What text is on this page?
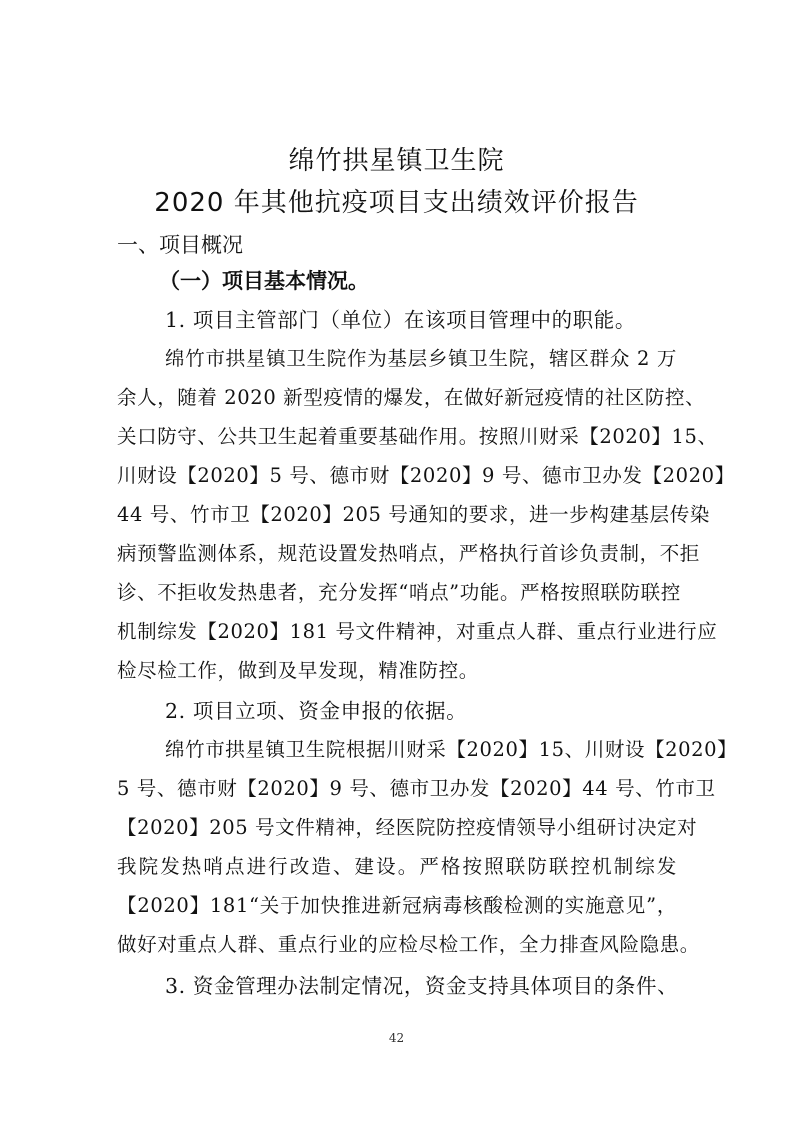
绵竹拱星镇卫生院
2020 年其他抗疫项目支出绩效评价报告
一、项目概况
（一）项目基本情况。
1. 项目主管部门（单位）在该项目管理中的职能。
绵竹市拱星镇卫生院作为基层乡镇卫生院，辖区群众 2 万
余人，随着 2020 新型疫情的爆发，在做好新冠疫情的社区防控、
关口防守、公共卫生起着重要基础作用。按照川财采【2020】15、
川财设【2020】5 号、德市财【2020】9 号、德市卫办发【2020】
44 号、竹市卫【2020】205 号通知的要求，进一步构建基层传染
病预警监测体系，规范设置发热哨点，严格执行首诊负责制，不拒
诊、不拒收发热患者，充分发挥“哨点”功能。严格按照联防联控
机制综发【2020】181 号文件精神，对重点人群、重点行业进行应
检尽检工作，做到及早发现，精准防控。
2. 项目立项、资金申报的依据。
绵竹市拱星镇卫生院根据川财采【2020】15、川财设【2020】
5 号、德市财【2020】9 号、德市卫办发【2020】44 号、竹市卫
【2020】205 号文件精神，经医院防控疫情领导小组研讨决定对
我院发热哨点进行改造、建设。严格按照联防联控机制综发
【2020】181“关于加快推进新冠病毒核酸检测的实施意见”，
做好对重点人群、重点行业的应检尽检工作，全力排查风险隐患。
3. 资金管理办法制定情况，资金支持具体项目的条件、
42
